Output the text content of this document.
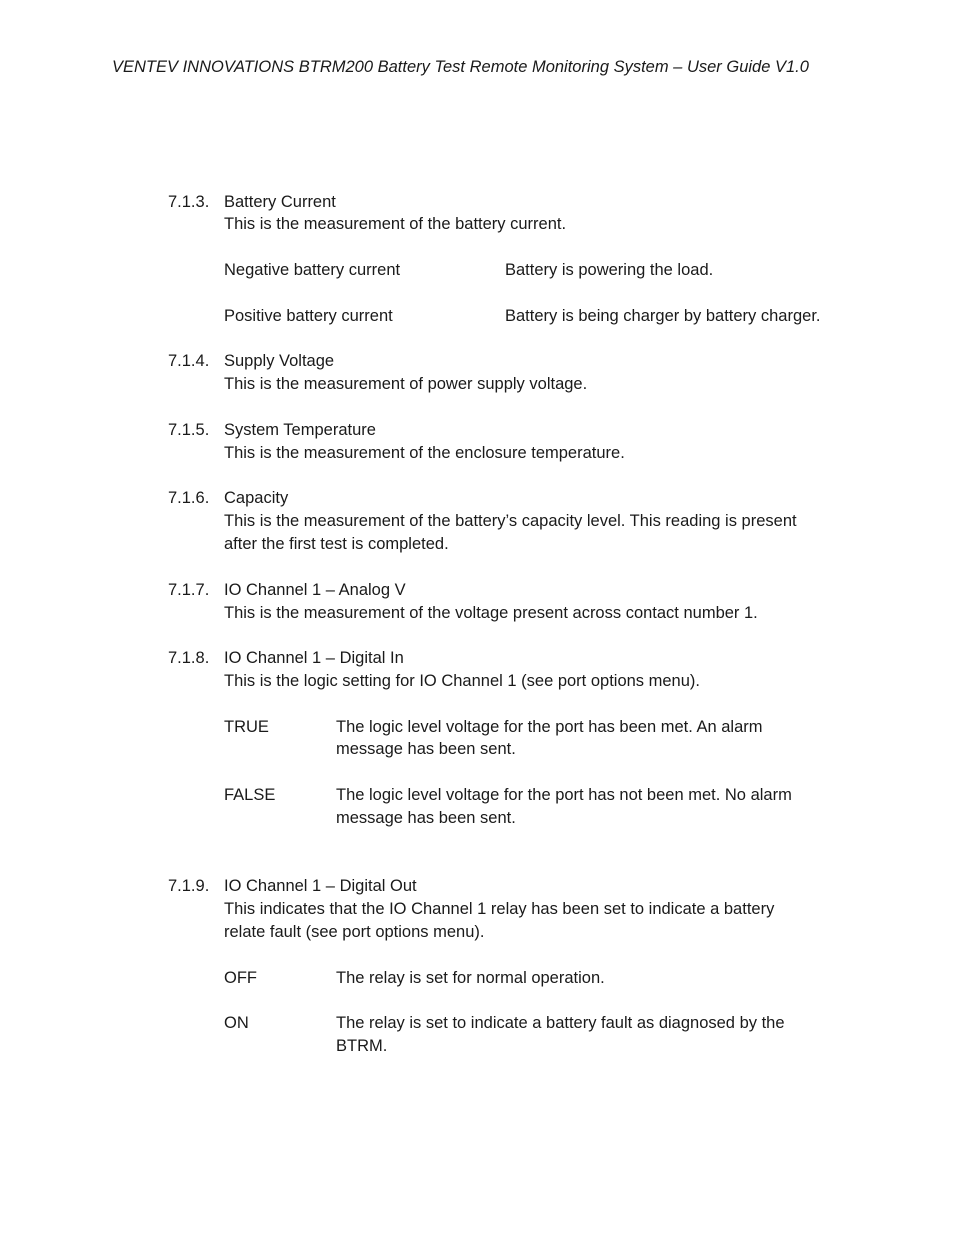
VENTEV INNOVATIONS BTRM200 Battery Test Remote Monitoring System – User Guide V1.0
7.1.3. Battery Current
This is the measurement of the battery current.
Negative battery current	Battery is powering the load.
Positive battery current	Battery is being charger by battery charger.
7.1.4. Supply Voltage
This is the measurement of power supply voltage.
7.1.5. System Temperature
This is the measurement of the enclosure temperature.
7.1.6. Capacity
This is the measurement of the battery’s capacity level. This reading is present
after the first test is completed.
7.1.7. IO Channel 1 – Analog V
This is the measurement of the voltage present across contact number 1.
7.1.8. IO Channel 1 – Digital In
This is the logic setting for IO Channel 1 (see port options menu).
TRUE	The logic level voltage for the port has been met. An alarm
message has been sent.
FALSE	The logic level voltage for the port has not been met. No alarm
message has been sent.
7.1.9. IO Channel 1 – Digital Out
This indicates that the IO Channel 1 relay has been set to indicate a battery
relate fault (see port options menu).
OFF	The relay is set for normal operation.
ON	The relay is set to indicate a battery fault as diagnosed by the
BTRM.
